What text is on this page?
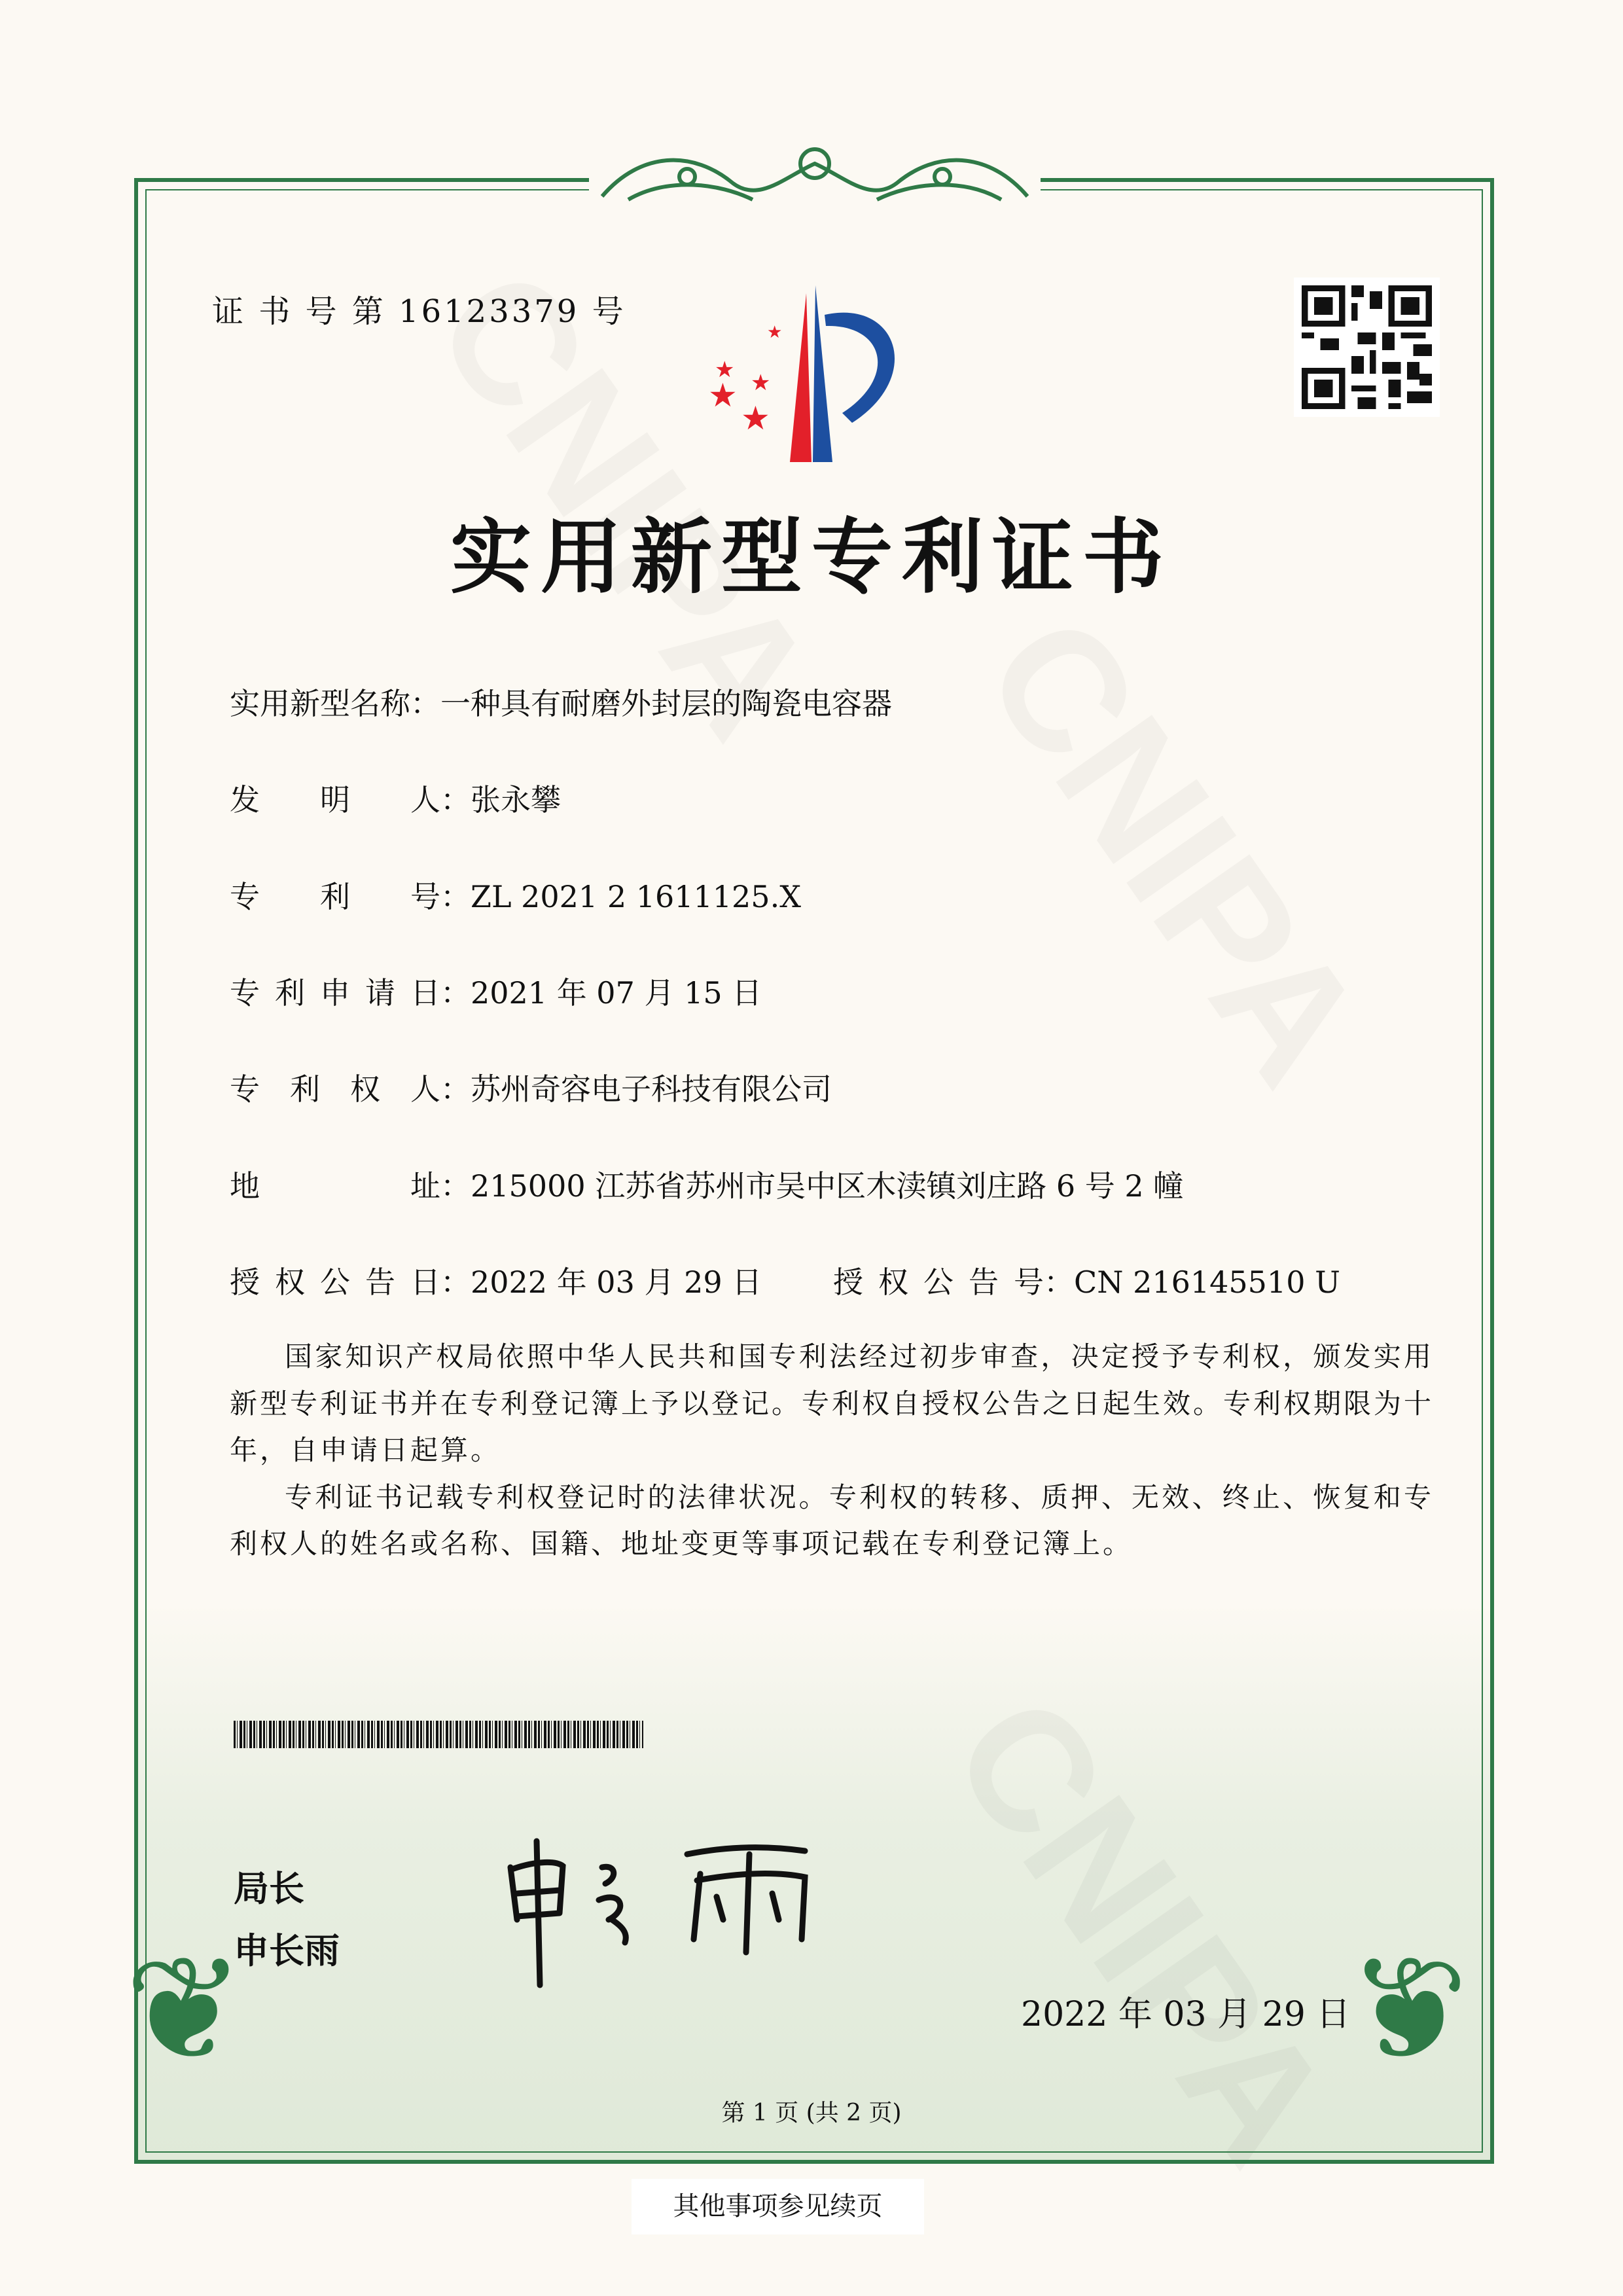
❦	❦
证 书 号 第 16123379 号
★
★
★ ★
★
实用新型专利证书
实用新型名称：一种具有耐磨外封层的陶瓷电容器
发明人：张永攀
专利号：ZL 2021 2 1611125.X
专利申请日：2021 年 07 月 15 日
专利权人：苏州奇容电子科技有限公司
地址：215000 江苏省苏州市吴中区木渎镇刘庄路 6 号 2 幢
授权公告日：2022 年 03 月 29 日 授权公告号：CN 216145510 U

国家知识产权局依照中华人民共和国专利法经过初步审查，决定授予专利权，颁发实用新型专利证书并在专利登记簿上予以登记。专利权自授权公告之日起生效。专利权期限为十年，自申请日起算。

专利证书记载专利权登记时的法律状况。专利权的转移、质押、无效、终止、恢复和专利权人的姓名或名称、国籍、地址变更等事项记载在专利登记簿上。

局长
申长雨
2022 年 03 月 29 日
第 1 页 (共 2 页)
其他事项参见续页
